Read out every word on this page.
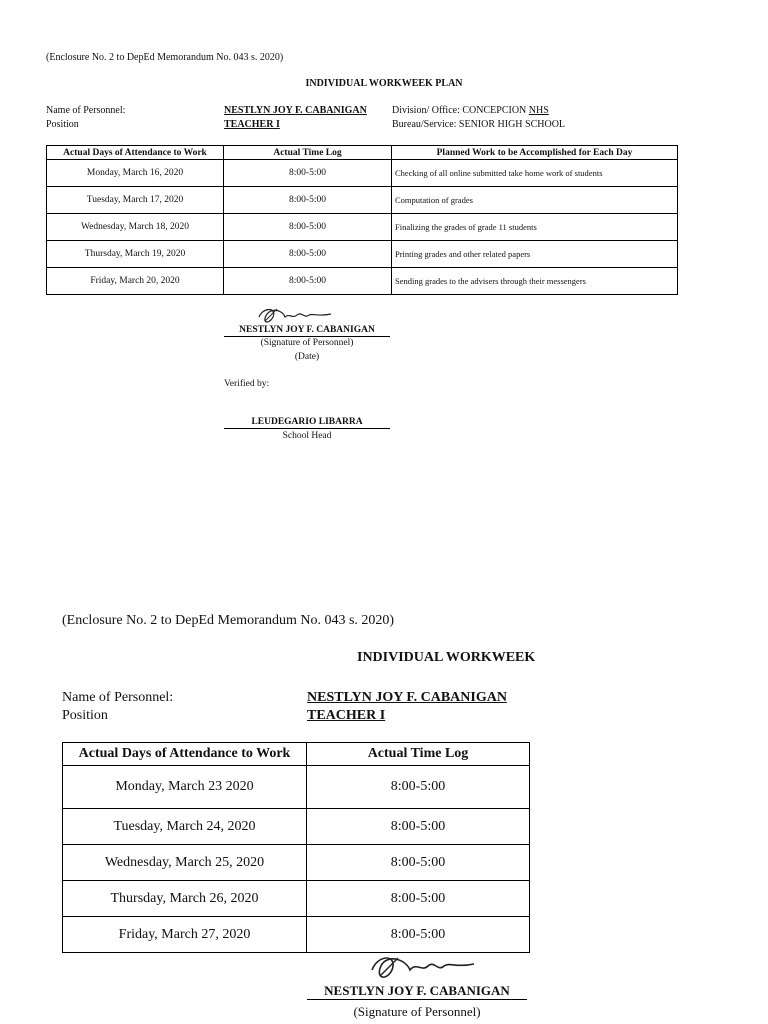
(Enclosure No. 2 to DepEd Memorandum No. 043 s. 2020)
INDIVIDUAL WORKWEEK PLAN
Name of Personnel:	NESTLYN JOY F. CABANIGAN	Division/ Office: CONCEPCION NHS
Position	TEACHER I	Bureau/Service: SENIOR HIGH SCHOOL
Actual Days of Attendance to Work	Actual Time Log	Planned Work to be Accomplished for Each Day
Monday, March 16, 2020	8:00-5:00	Checking of all online submitted take home work of students
Tuesday, March 17, 2020	8:00-5:00	Computation of grades
Wednesday, March 18, 2020	8:00-5:00	Finalizing the grades of grade 11 students
Thursday, March 19, 2020	8:00-5:00	Printing grades and other related papers
Friday, March 20, 2020	8:00-5:00	Sending grades to the advisers through their messengers
NESTLYN JOY F. CABANIGAN
(Signature of Personnel)
(Date)
Verified by:
LEUDEGARIO LIBARRA
School Head
(Enclosure No. 2 to DepEd Memorandum No. 043 s. 2020)
INDIVIDUAL WORKWEEK
Name of Personnel:	NESTLYN JOY F. CABANIGAN
Position	TEACHER I
Actual Days of Attendance to Work	Actual Time Log
Monday, March 23 2020	8:00-5:00
Tuesday, March 24, 2020	8:00-5:00
Wednesday, March 25, 2020	8:00-5:00
Thursday, March 26, 2020	8:00-5:00
Friday, March 27, 2020	8:00-5:00
NESTLYN JOY F. CABANIGAN
(Signature of Personnel)
